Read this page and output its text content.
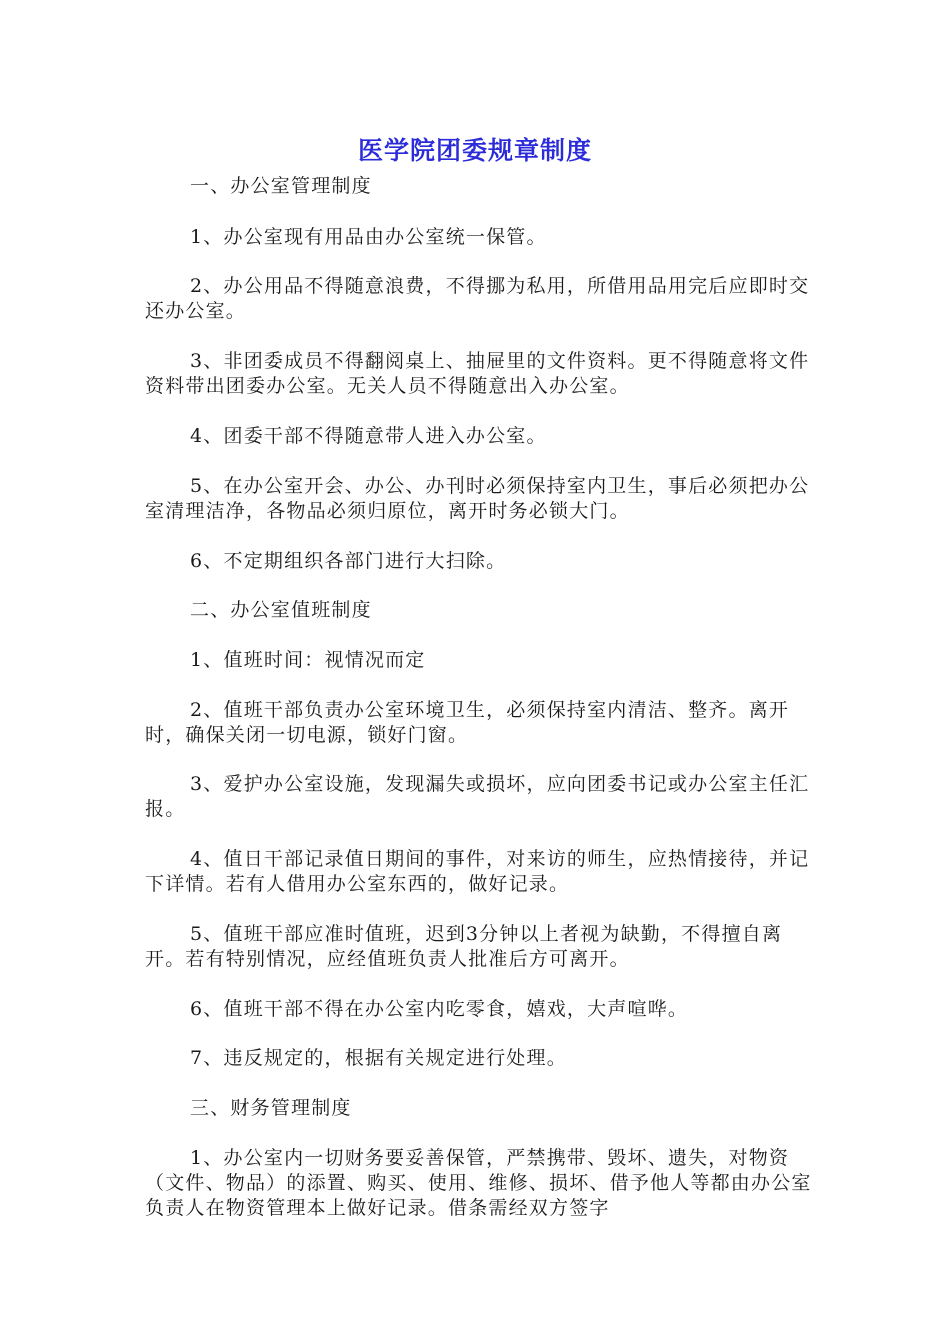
医学院团委规章制度

一、办公室管理制度

1、办公室现有用品由办公室统一保管。

2、办公用品不得随意浪费，不得挪为私用，所借用品用完后应即时交还办公室。

3、非团委成员不得翻阅桌上、抽屉里的文件资料。更不得随意将文件资料带出团委办公室。无关人员不得随意出入办公室。

4、团委干部不得随意带人进入办公室。

5、在办公室开会、办公、办刊时必须保持室内卫生，事后必须把办公室清理洁净，各物品必须归原位，离开时务必锁大门。

6、不定期组织各部门进行大扫除。

二、办公室值班制度

1、值班时间：视情况而定

2、值班干部负责办公室环境卫生，必须保持室内清洁、整齐。离开时，确保关闭一切电源，锁好门窗。

3、爱护办公室设施，发现漏失或损坏，应向团委书记或办公室主任汇报。

4、值日干部记录值日期间的事件，对来访的师生，应热情接待，并记下详情。若有人借用办公室东西的，做好记录。

5、值班干部应准时值班，迟到3分钟以上者视为缺勤，不得擅自离开。若有特别情况，应经值班负责人批准后方可离开。

6、值班干部不得在办公室内吃零食，嬉戏，大声喧哗。

7、违反规定的，根据有关规定进行处理。

三、财务管理制度

1、办公室内一切财务要妥善保管，严禁携带、毁坏、遗失，对物资（文件、物品）的添置、购买、使用、维修、损坏、借予他人等都由办公室负责人在物资管理本上做好记录。借条需经双方签字
